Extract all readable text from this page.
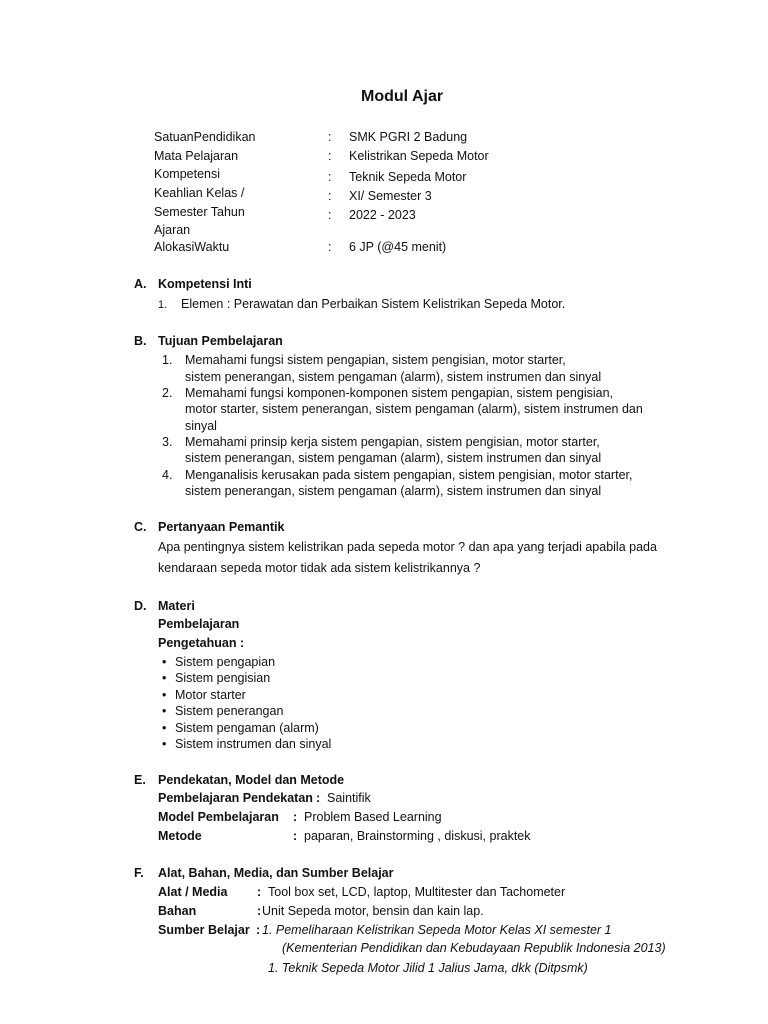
Modul Ajar
SatuanPendidikan	: SMK PGRI 2 Badung
Mata Pelajaran	: Kelistrikan Sepeda Motor
Kompetensi	: Teknik Sepeda Motor
Keahlian Kelas /	: XI/ Semester 3
Semester Tahun	: 2022 - 2023
Ajaran
AlokasiWaktu	: 6 JP (@45 menit)
A. Kompetensi Inti
1. Elemen : Perawatan dan Perbaikan Sistem Kelistrikan Sepeda Motor.
B. Tujuan Pembelajaran
1. Memahami fungsi sistem pengapian, sistem pengisian, motor starter,
sistem penerangan, sistem pengaman (alarm), sistem instrumen dan sinyal
2. Memahami fungsi komponen-komponen sistem pengapian, sistem pengisian,
motor starter, sistem penerangan, sistem pengaman (alarm), sistem instrumen dan
sinyal
3. Memahami prinsip kerja sistem pengapian, sistem pengisian, motor starter,
sistem penerangan, sistem pengaman (alarm), sistem instrumen dan sinyal
4. Menganalisis kerusakan pada sistem pengapian, sistem pengisian, motor starter,
sistem penerangan, sistem pengaman (alarm), sistem instrumen dan sinyal
C. Pertanyaan Pemantik
Apa pentingnya sistem kelistrikan pada sepeda motor ? dan apa yang terjadi apabila pada
kendaraan sepeda motor tidak ada sistem kelistrikannya ?
D. Materi
Pembelajaran
Pengetahuan :
• Sistem pengapian
• Sistem pengisian
• Motor starter
• Sistem penerangan
• Sistem pengaman (alarm)
• Sistem instrumen dan sinyal
E. Pendekatan, Model dan Metode
Pembelajaran Pendekatan : Saintifik
Model Pembelajaran : Problem Based Learning
Metode	: paparan, Brainstorming , diskusi, praktek
F. Alat, Bahan, Media, dan Sumber Belajar
Alat / Media : Tool box set, LCD, laptop, Multitester dan Tachometer
Bahan	: Unit Sepeda motor, bensin dan kain lap.
Sumber Belajar : 1. Pemeliharaan Kelistrikan Sepeda Motor Kelas XI semester 1
(Kementerian Pendidikan dan Kebudayaan Republik Indonesia 2013)
1. Teknik Sepeda Motor Jilid 1 Jalius Jama, dkk (Ditpsmk)
